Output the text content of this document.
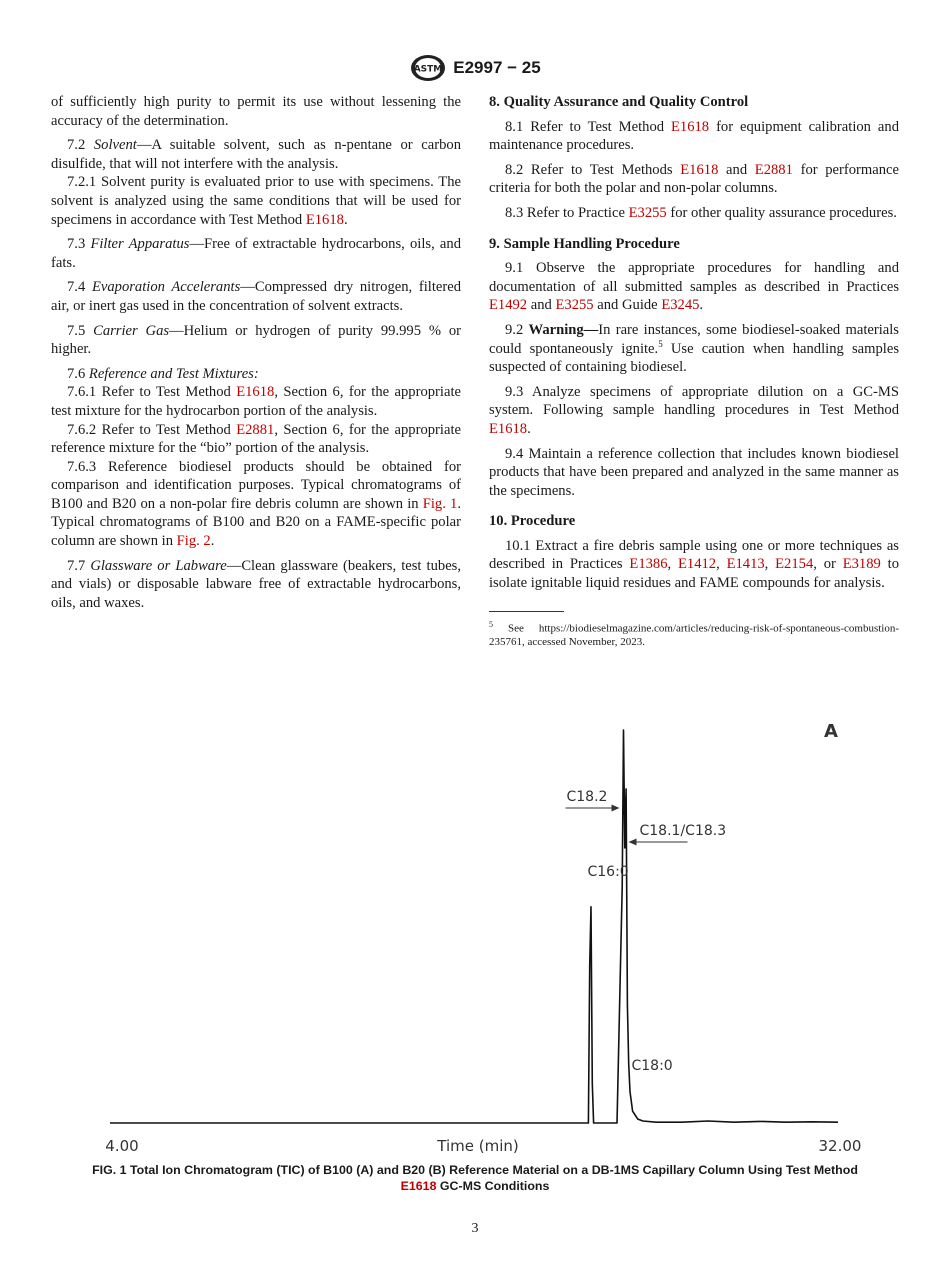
ASTM E2997 − 25

of sufficiently high purity to permit its use without lessening the accuracy of the determination.

7.2 Solvent—A suitable solvent, such as n-pentane or carbon disulfide, that will not interfere with the analysis.

7.2.1 Solvent purity is evaluated prior to use with specimens. The solvent is analyzed using the same conditions that will be used for specimens in accordance with Test Method E1618.

7.3 Filter Apparatus—Free of extractable hydrocarbons, oils, and fats.

7.4 Evaporation Accelerants—Compressed dry nitrogen, filtered air, or inert gas used in the concentration of solvent extracts.

7.5 Carrier Gas—Helium or hydrogen of purity 99.995 % or higher.

7.6 Reference and Test Mixtures:

7.6.1 Refer to Test Method E1618, Section 6, for the appropriate test mixture for the hydrocarbon portion of the analysis.

7.6.2 Refer to Test Method E2881, Section 6, for the appropriate reference mixture for the “bio” portion of the analysis.

7.6.3 Reference biodiesel products should be obtained for comparison and identification purposes. Typical chromatograms of B100 and B20 on a non-polar fire debris column are shown in Fig. 1. Typical chromatograms of B100 and B20 on a FAME-specific polar column are shown in Fig. 2.

7.7 Glassware or Labware—Clean glassware (beakers, test tubes, and vials) or disposable labware free of extractable hydrocarbons, oils, and waxes.

8. Quality Assurance and Quality Control

8.1 Refer to Test Method E1618 for equipment calibration and maintenance procedures.

8.2 Refer to Test Methods E1618 and E2881 for performance criteria for both the polar and non-polar columns.

8.3 Refer to Practice E3255 for other quality assurance procedures.

9. Sample Handling Procedure

9.1 Observe the appropriate procedures for handling and documentation of all submitted samples as described in Practices E1492 and E3255 and Guide E3245.

9.2 Warning—In rare instances, some biodiesel-soaked materials could spontaneously ignite.$^5$ Use caution when handling samples suspected of containing biodiesel.

9.3 Analyze specimens of appropriate dilution on a GC-MS system. Following sample handling procedures in Test Method E1618.

9.4 Maintain a reference collection that includes known biodiesel products that have been prepared and analyzed in the same manner as the specimens.

10. Procedure

10.1 Extract a fire debris sample using one or more techniques as described in Practices E1386, E1412, E1413, E2154, or E3189 to isolate ignitable liquid residues and FAME compounds for analysis.

$^5$ See https://biodieselmagazine.com/articles/reducing-risk-of-spontaneous-combustion-235761, accessed November, 2023.
A
4.00	32.00
Time (min)
C18.2
C18.1/C18.3
C16:0
C18:0
FIG. 1 Total Ion Chromatogram (TIC) of B100 (A) and B20 (B) Reference Material on a DB-1MS Capillary Column Using Test Method
E1618 GC-MS Conditions
3
